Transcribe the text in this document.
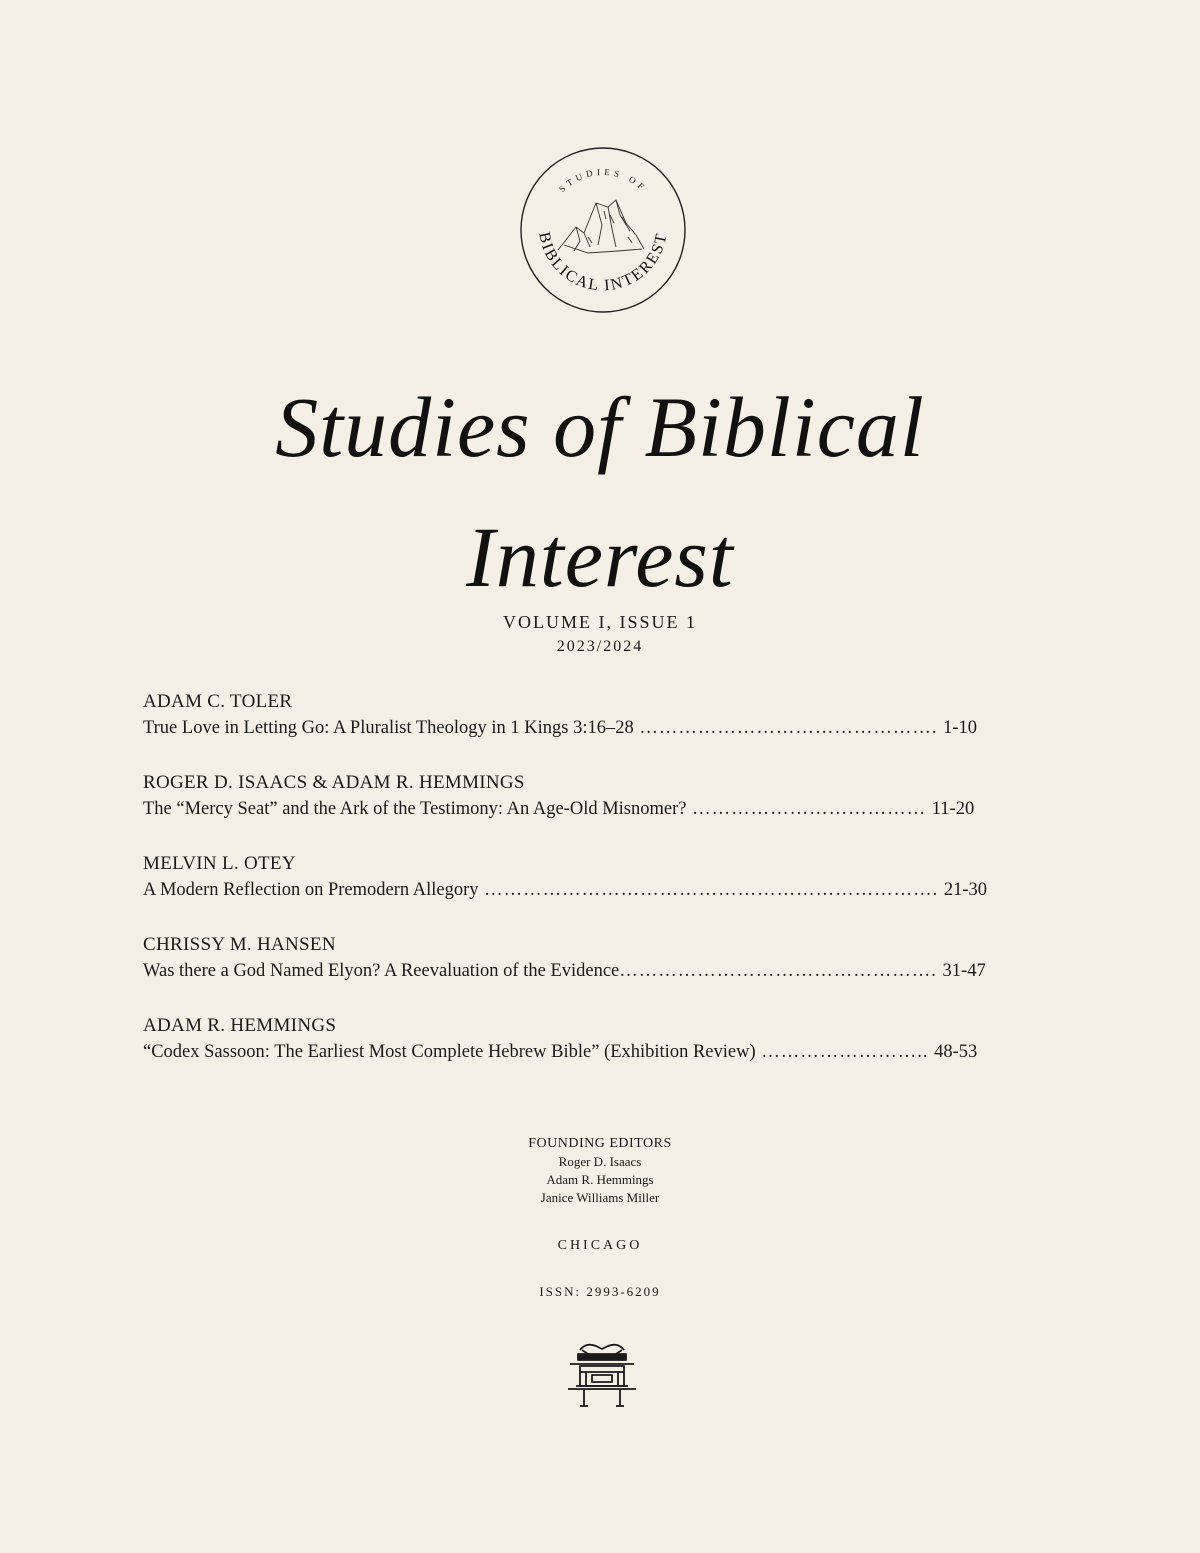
STUDIES OF
BIBLICAL INTEREST
Studies of Biblical
Interest
VOLUME I, ISSUE 1
2023/2024
ADAM C. TOLER
True Love in Letting Go: A Pluralist Theology in 1 Kings 3:16–28 ………………………………………. 1-10
ROGER D. ISAACS & ADAM R. HEMMINGS
The “Mercy Seat” and the Ark of the Testimony: An Age-Old Misnomer? ……………………………… 11-20
MELVIN L. OTEY
A Modern Reflection on Premodern Allegory ……………………………………………………………. 21-30
CHRISSY M. HANSEN
Was there a God Named Elyon? A Reevaluation of the Evidence…………………………………………. 31-47
ADAM R. HEMMINGS
“Codex Sassoon: The Earliest Most Complete Hebrew Bible” (Exhibition Review) …………………….. 48-53
FOUNDING EDITORS
Roger D. Isaacs
Adam R. Hemmings
Janice Williams Miller
CHICAGO
ISSN: 2993-6209
